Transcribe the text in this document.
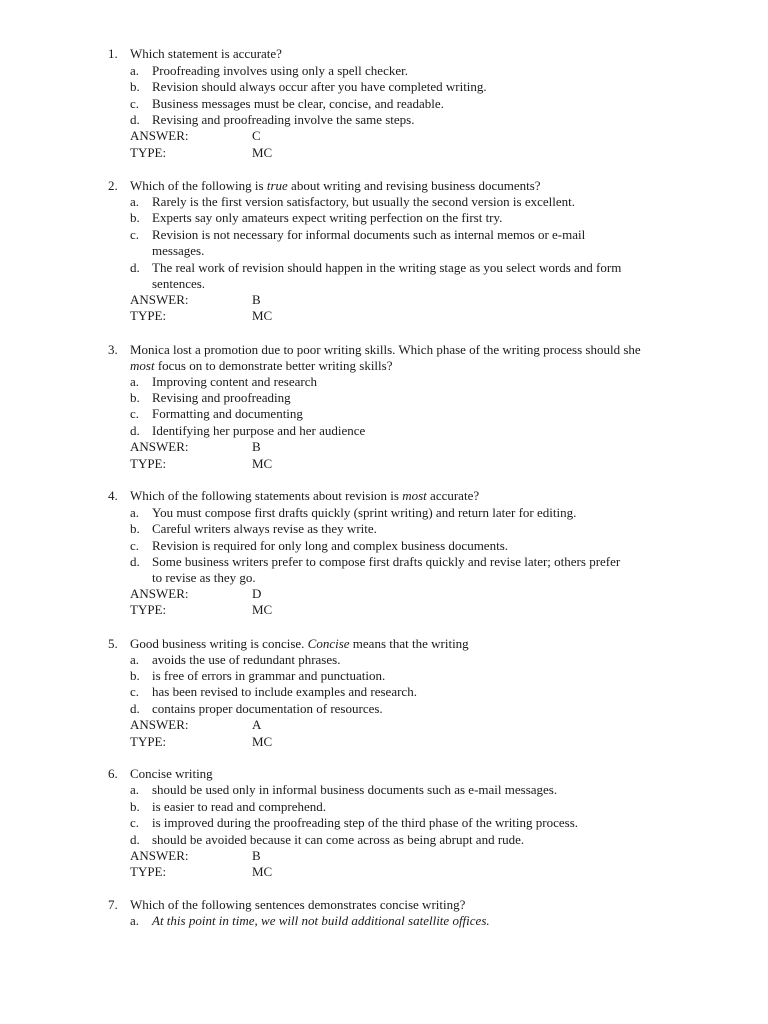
1. Which statement is accurate?
a. Proofreading involves using only a spell checker.
b. Revision should always occur after you have completed writing.
c. Business messages must be clear, concise, and readable.
d. Revising and proofreading involve the same steps.
ANSWER:	C
TYPE:	MC
2. Which of the following is true about writing and revising business documents?
a. Rarely is the first version satisfactory, but usually the second version is excellent.
b. Experts say only amateurs expect writing perfection on the first try.
c. Revision is not necessary for informal documents such as internal memos or e-mail
messages.
d. The real work of revision should happen in the writing stage as you select words and form
sentences.
ANSWER:	B
TYPE:	MC
3. Monica lost a promotion due to poor writing skills. Which phase of the writing process should she
most focus on to demonstrate better writing skills?
a. Improving content and research
b. Revising and proofreading
c. Formatting and documenting
d. Identifying her purpose and her audience
ANSWER:	B
TYPE:	MC
4. Which of the following statements about revision is most accurate?
a. You must compose first drafts quickly (sprint writing) and return later for editing.
b. Careful writers always revise as they write.
c. Revision is required for only long and complex business documents.
d. Some business writers prefer to compose first drafts quickly and revise later; others prefer
to revise as they go.
ANSWER:	D
TYPE:	MC
5. Good business writing is concise. Concise means that the writing
a. avoids the use of redundant phrases.
b. is free of errors in grammar and punctuation.
c. has been revised to include examples and research.
d. contains proper documentation of resources.
ANSWER:	A
TYPE:	MC
6. Concise writing
a. should be used only in informal business documents such as e-mail messages.
b. is easier to read and comprehend.
c. is improved during the proofreading step of the third phase of the writing process.
d. should be avoided because it can come across as being abrupt and rude.
ANSWER:	B
TYPE:	MC
7. Which of the following sentences demonstrates concise writing?
a. At this point in time, we will not build additional satellite offices.
